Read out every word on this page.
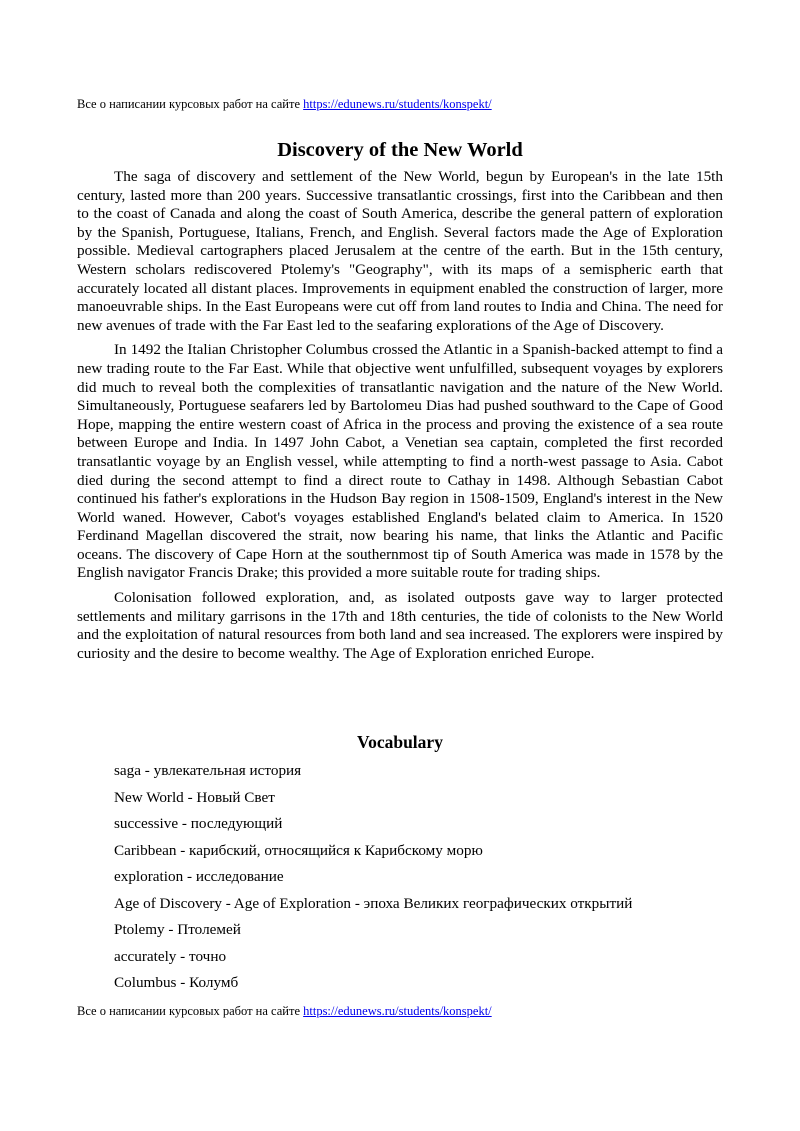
Все о написании курсовых работ на сайте https://edunews.ru/students/konspekt/
Discovery of the New World

The saga of discovery and settlement of the New World, begun by European's in the late 15th century, lasted more than 200 years. Successive transatlantic crossings, first into the Caribbean and then to the coast of Canada and along the coast of South America, describe the general pattern of exploration by the Spanish, Portuguese, Italians, French, and English. Several factors made the Age of Exploration possible. Medieval cartographers placed Jerusalem at the centre of the earth. But in the 15th century, Western scholars rediscovered Ptolemy's "Geography", with its maps of a semispheric earth that accurately located all distant places. Improvements in equipment enabled the construction of larger, more manoeuvrable ships. In the East Europeans were cut off from land routes to India and China. The need for new avenues of trade with the Far East led to the seafaring explorations of the Age of Discovery.

In 1492 the Italian Christopher Columbus crossed the Atlantic in a Spanish-backed attempt to find a new trading route to the Far East. While that objective went unfulfilled, subsequent voyages by explorers did much to reveal both the complexities of transatlantic navigation and the nature of the New World. Simultaneously, Portuguese seafarers led by Bartolomeu Dias had pushed southward to the Cape of Good Hope, mapping the entire western coast of Africa in the process and proving the existence of a sea route between Europe and India. In 1497 John Cabot, a Venetian sea captain, completed the first recorded transatlantic voyage by an English vessel, while attempting to find a north-west passage to Asia. Cabot died during the second attempt to find a direct route to Cathay in 1498. Although Sebastian Cabot continued his father's explorations in the Hudson Bay region in 1508-1509, England's interest in the New World waned. However, Cabot's voyages established England's belated claim to America. In 1520 Ferdinand Magellan discovered the strait, now bearing his name, that links the Atlantic and Pacific oceans. The discovery of Cape Horn at the southernmost tip of South America was made in 1578 by the English navigator Francis Drake; this provided a more suitable route for trading ships.

Colonisation followed exploration, and, as isolated outposts gave way to larger protected settlements and military garrisons in the 17th and 18th centuries, the tide of colonists to the New World and the exploitation of natural resources from both land and sea increased. The explorers were inspired by curiosity and the desire to become wealthy. The Age of Exploration enriched Europe.

Vocabulary
saga - увлекательная история
New World - Новый Свет
successive - последующий
Caribbean - карибский, относящийся к Карибскому морю
exploration - исследование
Age of Discovery - Age of Exploration - эпоха Великих географических открытий
Ptolemy - Птолемей
accurately - точно
Columbus - Колумб
Все о написании курсовых работ на сайте https://edunews.ru/students/konspekt/
